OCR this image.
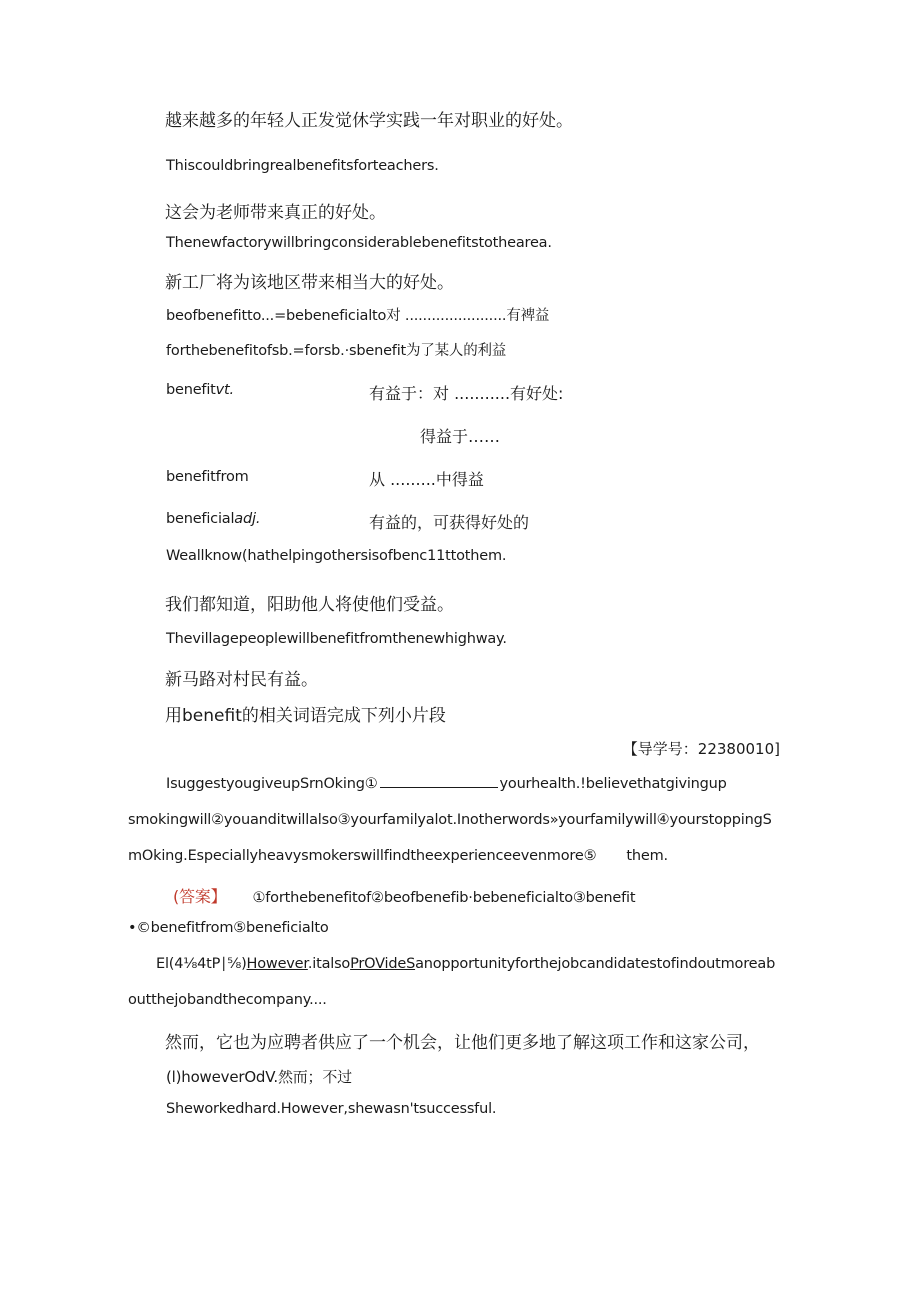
越来越多的年轻人正发觉休学实践一年对职业的好处。
Thiscouldbringrealbenefitsforteachers.
这会为老师带来真正的好处。
Thenewfactorywillbringconsiderablebenefitstothearea.
新工厂将为该地区带来相当大的好处。
beofbenefitto...=bebeneficialto对 .......................有裨益
forthebenefitofsb.=forsb.·sbenefit为了某人的利益
benefitvt.	有益于：对 ...........有好处:
得益于……
benefitfrom	从 .........中得益
beneficialadj.	有益的，可获得好处的
Weallknow(hathelpingothersisofbenc11ttothem.
我们都知道，阳助他人将使他们受益。
Thevillagepeoplewillbenefitfromthenewhighway.
新马路对村民有益。
用benefit的相关词语完成下列小片段
【导学号：22380010]
IsuggestyougiveupSrnOking①	yourhealth.!believethatgivingup
smokingwill②youanditwillalso③yourfamilyalot.Inotherwords»yourfamilywill④yourstoppingS
mOking.Especiallyheavysmokerswillfindtheexperienceevenmore⑤ them.
(答案】 ①forthebenefitof②beofbenefib·bebeneficialto③benefit
•©benefitfrom⑤beneficialto
El(4⅛4tP∣⅝)However.italsoPrOVideSanopportunityforthejobcandidatestofindoutmoreab
outthejobandthecompany....
然而，它也为应聘者供应了一个机会，让他们更多地了解这项工作和这家公司，
(l)howeverOdV.然而；不过
Sheworkedhard.However,shewasn'tsuccessful.
